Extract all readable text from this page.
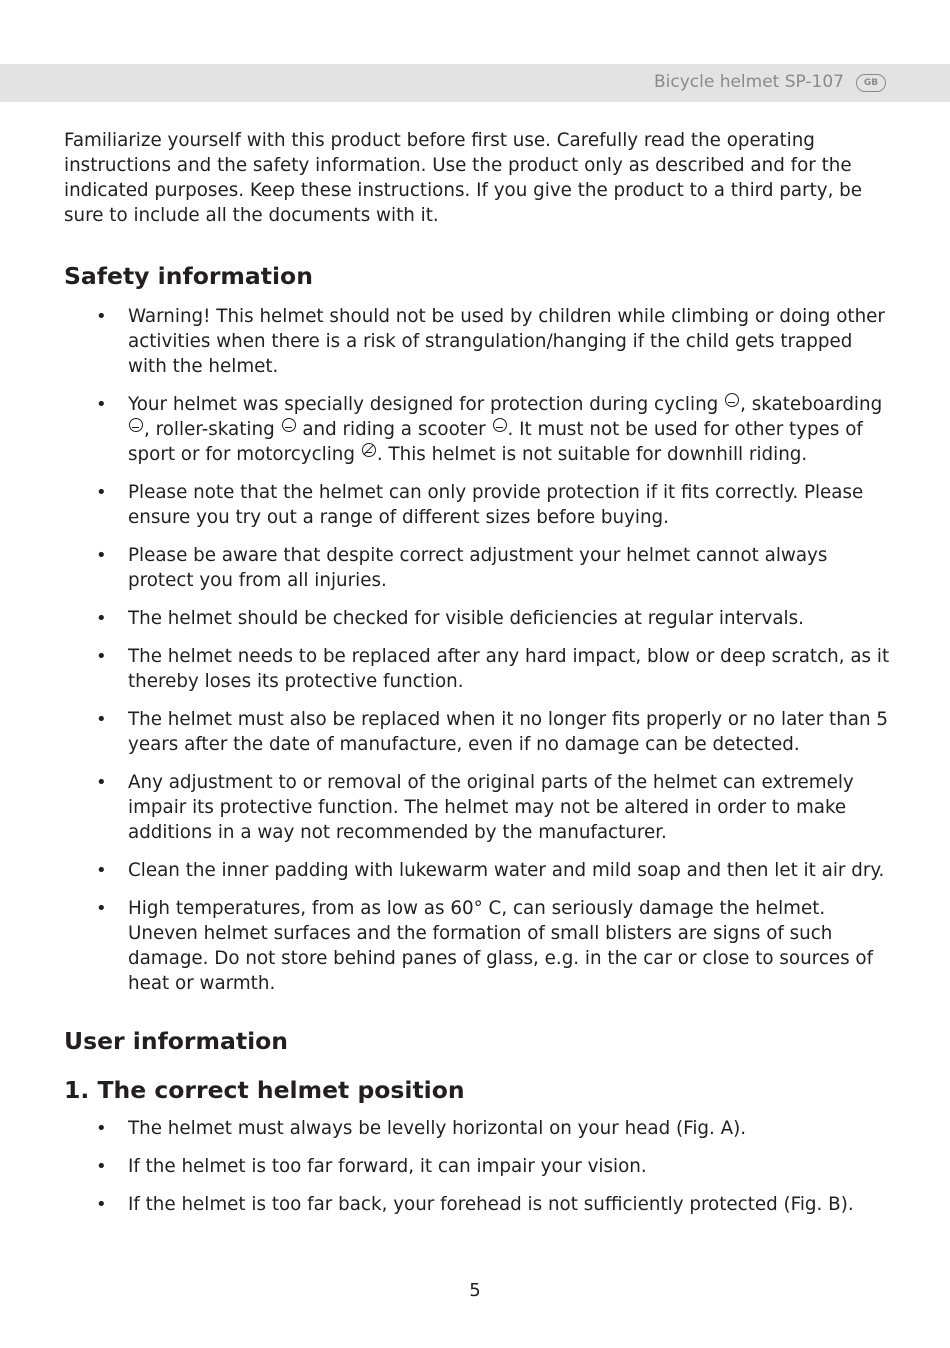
Bicycle helmet SP-107	GB

Familiarize yourself with this product before first use. Carefully read the operating instructions and the safety information. Use the product only as described and for the indicated purposes. Keep these instructions. If you give the product to a third party, be sure to include all the documents with it.

Safety information
• Warning! This helmet should not be used by children while climbing or doing other activities when there is a risk of strangulation/hanging if the child gets trapped with the helmet.
• Your helmet was specially designed for protection during cycling , skateboarding , roller-skating  and riding a scooter . It must not be used for other types of sport or for motorcycling . This helmet is not suitable for downhill riding.
• Please note that the helmet can only provide protection if it fits correctly. Please ensure you try out a range of different sizes before buying.
• Please be aware that despite correct adjustment your helmet cannot always protect you from all injuries.
• The helmet should be checked for visible deficiencies at regular intervals.
• The helmet needs to be replaced after any hard impact, blow or deep scratch, as it thereby loses its protective function.
• The helmet must also be replaced when it no longer fits properly or no later than 5 years after the date of manufacture, even if no damage can be detected.
• Any adjustment to or removal of the original parts of the helmet can extremely impair its protective function. The helmet may not be altered in order to make additions in a way not recommended by the manufacturer.
• Clean the inner padding with lukewarm water and mild soap and then let it air dry.
• High temperatures, from as low as 60° C, can seriously damage the helmet. Uneven helmet surfaces and the formation of small blisters are signs of such damage. Do not store behind panes of glass, e.g. in the car or close to sources of heat or warmth.
User information
1. The correct helmet position
• The helmet must always be levelly horizontal on your head (Fig. A).
• If the helmet is too far forward, it can impair your vision.
• If the helmet is too far back, your forehead is not sufficiently protected (Fig. B).
5
